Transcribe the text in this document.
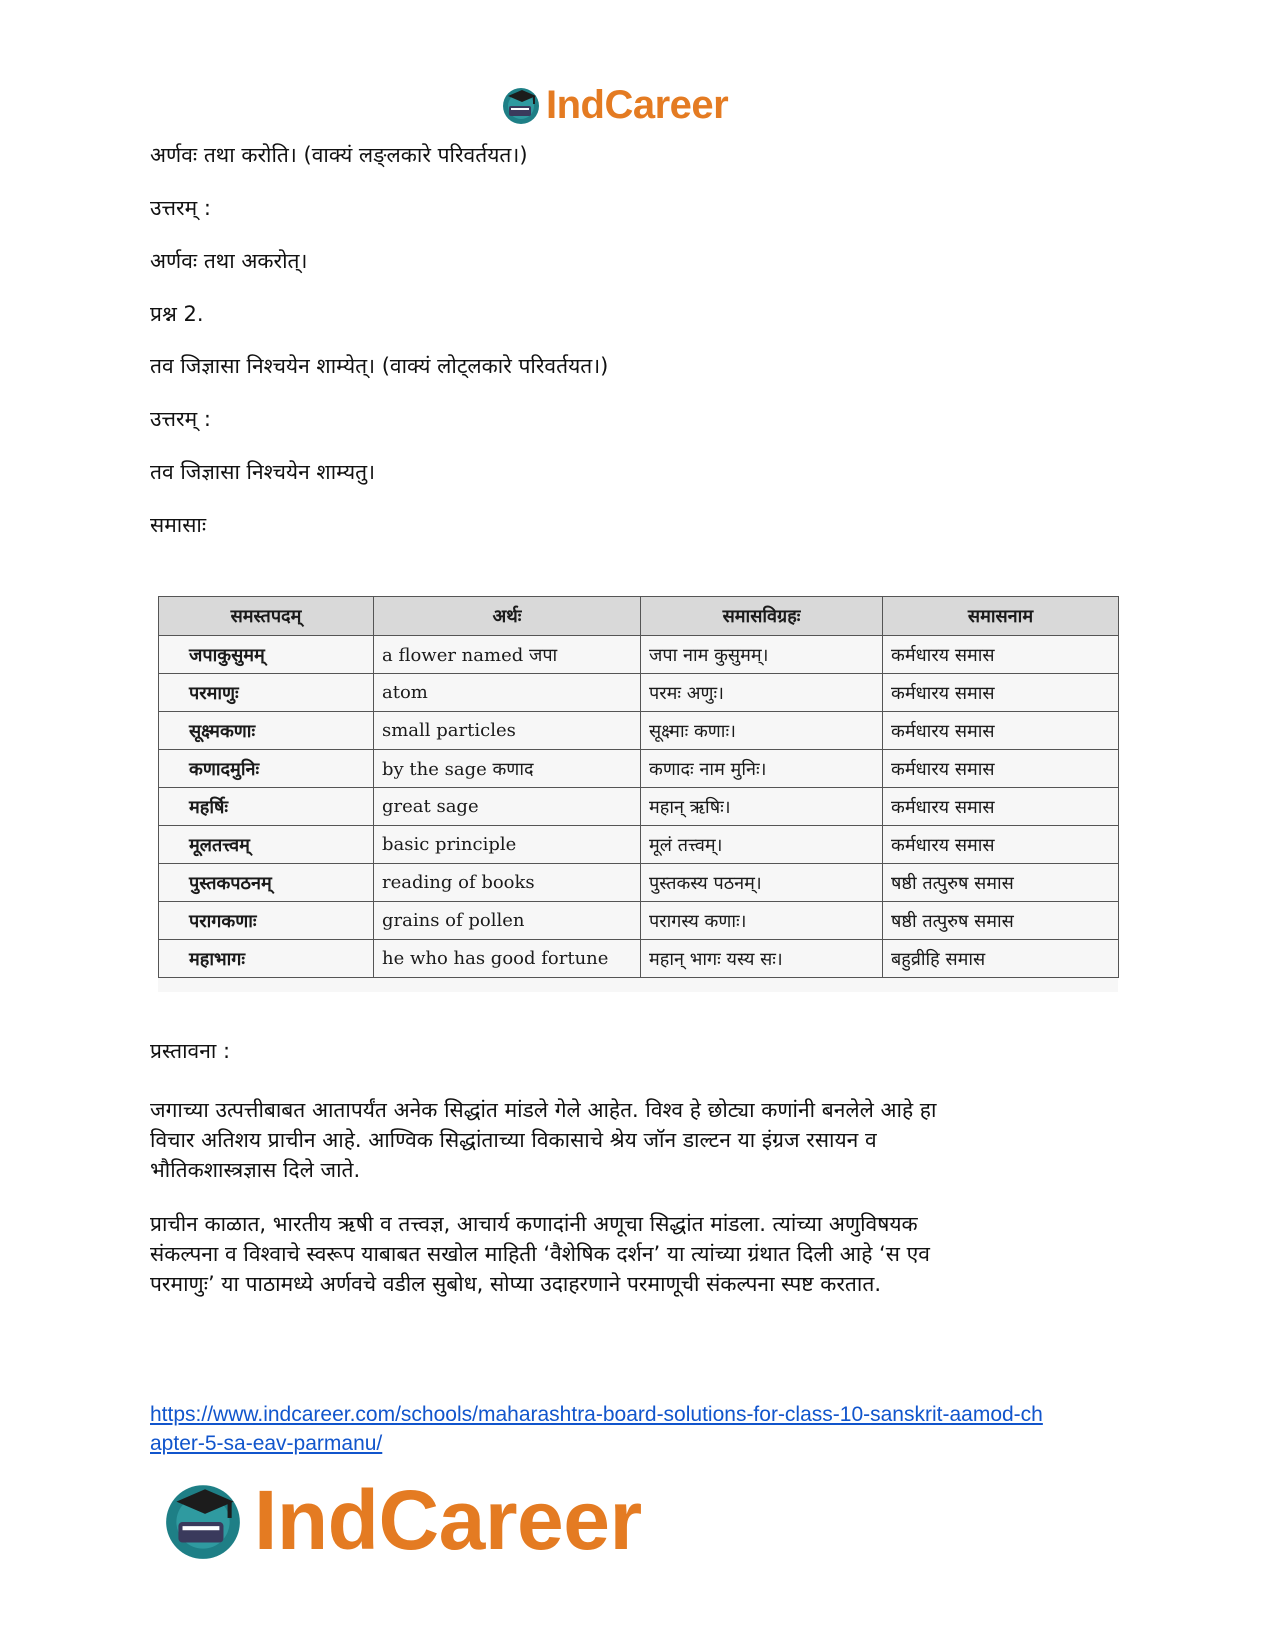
IndCareer
अर्णवः तथा करोति। (वाक्यं लङ्लकारे परिवर्तयत।)
उत्तरम् :
अर्णवः तथा अकरोत्।
प्रश्न 2.
तव जिज्ञासा निश्चयेन शाम्येत्। (वाक्यं लोट्लकारे परिवर्तयत।)
उत्तरम् :
तव जिज्ञासा निश्चयेन शाम्यतु।
समासाः
समस्तपदम्	अर्थः	समासविग्रहः	समासनाम
जपाकुसुमम्	a flower named जपा	जपा नाम कुसुमम्।	कर्मधारय समास
परमाणुः	atom	परमः अणुः।	कर्मधारय समास
सूक्ष्मकणाः	small particles	सूक्ष्माः कणाः।	कर्मधारय समास
कणादमुनिः	by the sage कणाद	कणादः नाम मुनिः।	कर्मधारय समास
महर्षिः	great sage	महान् ऋषिः।	कर्मधारय समास
मूलतत्त्वम्	basic principle	मूलं तत्त्वम्।	कर्मधारय समास
पुस्तकपठनम्	reading of books	पुस्तकस्य पठनम्।	षष्ठी तत्पुरुष समास
परागकणाः	grains of pollen	परागस्य कणाः।	षष्ठी तत्पुरुष समास
महाभागः	he who has good fortune	महान् भागः यस्य सः।	बहुव्रीहि समास
प्रस्तावना :
जगाच्या उत्पत्तीबाबत आतापर्यंत अनेक सिद्धांत मांडले गेले आहेत. विश्व हे छोट्या कणांनी बनलेले आहे हा
विचार अतिशय प्राचीन आहे. आण्विक सिद्धांताच्या विकासाचे श्रेय जॉन डाल्टन या इंग्रज रसायन व
भौतिकशास्त्रज्ञास दिले जाते.
प्राचीन काळात, भारतीय ऋषी व तत्त्वज्ञ, आचार्य कणादांनी अणूचा सिद्धांत मांडला. त्यांच्या अणुविषयक
संकल्पना व विश्वाचे स्वरूप याबाबत सखोल माहिती ‘वैशेषिक दर्शन’ या त्यांच्या ग्रंथात दिली आहे ‘स एव
परमाणुः’ या पाठामध्ये अर्णवचे वडील सुबोध, सोप्या उदाहरणाने परमाणूची संकल्पना स्पष्ट करतात.
https://www.indcareer.com/schools/maharashtra-board-solutions-for-class-10-sanskrit-aamod-ch
apter-5-sa-eav-parmanu/
IndCareer
